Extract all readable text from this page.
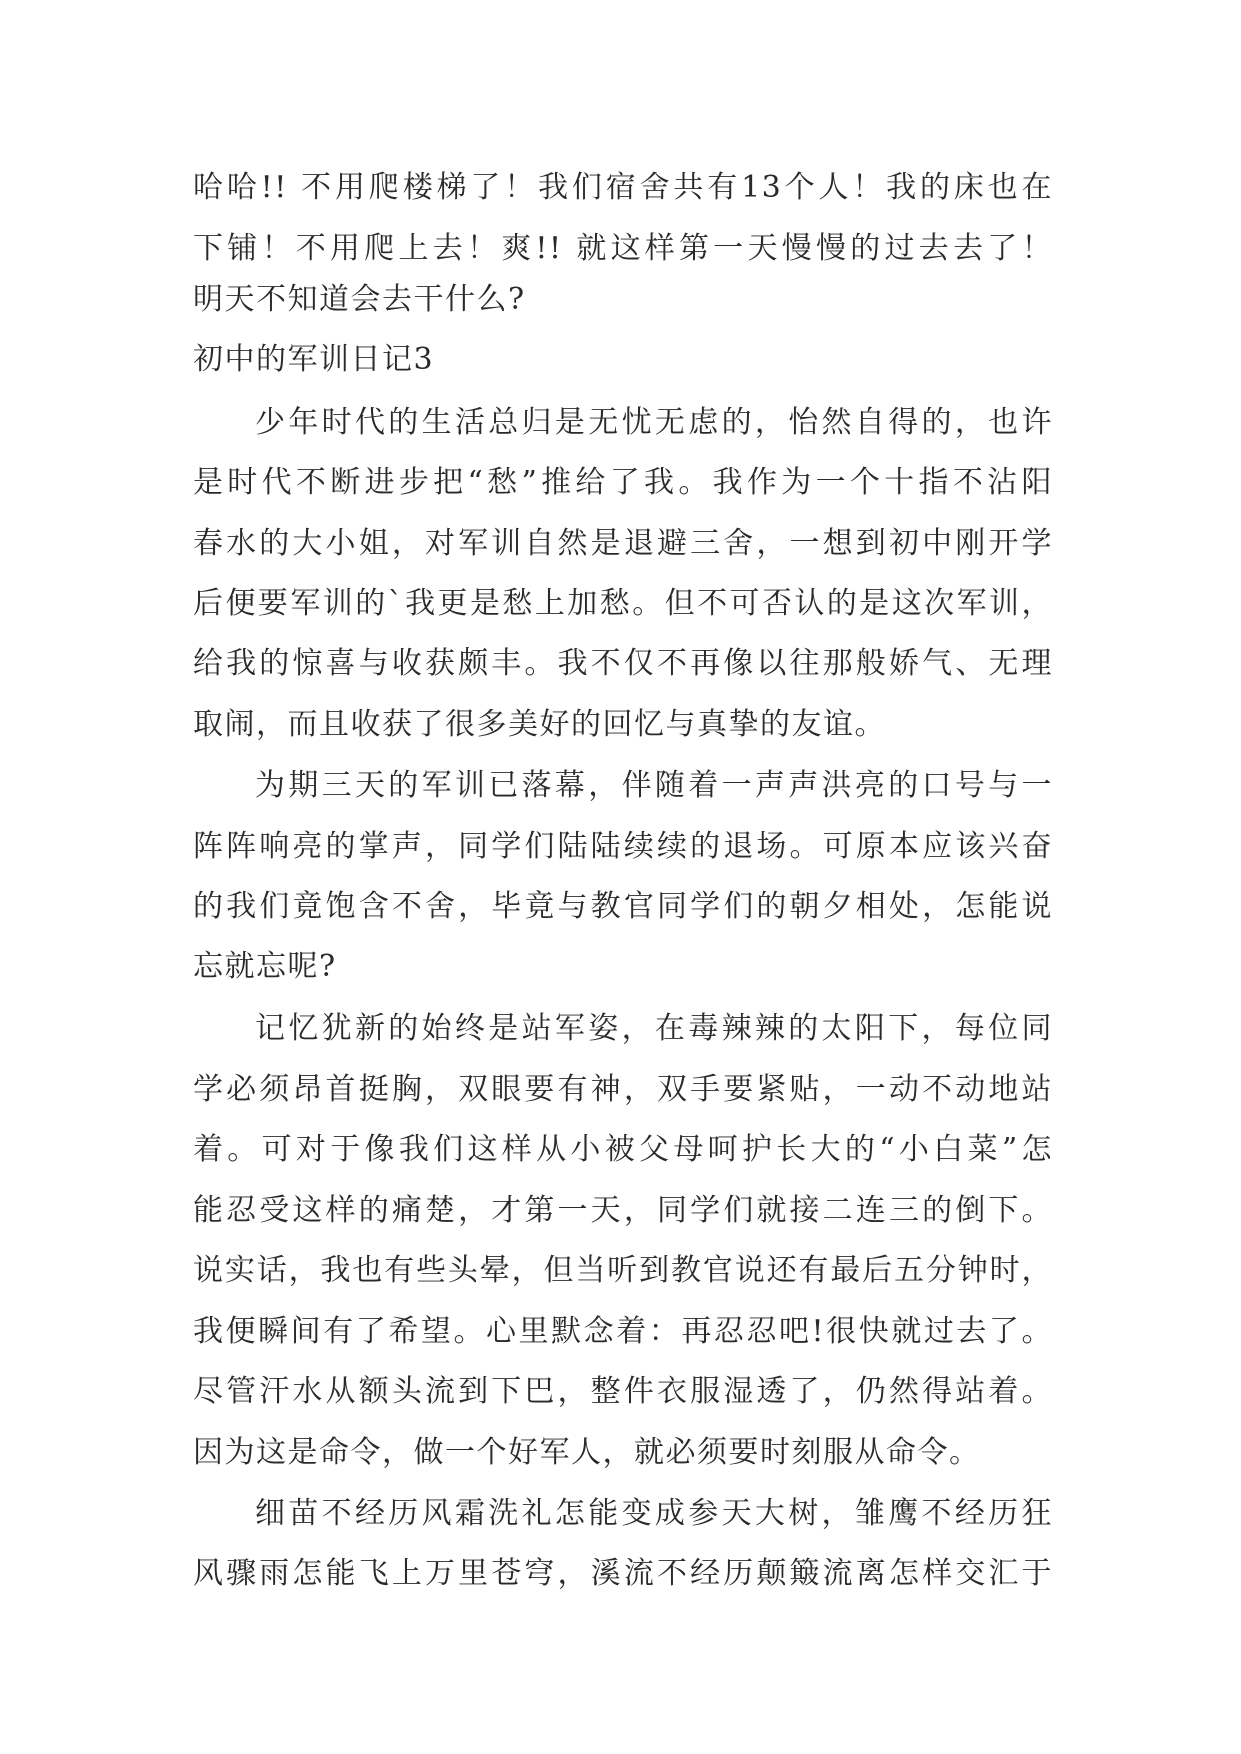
哈哈!! 不用爬楼梯了！我们宿舍共有13个人！我的床也在
下铺！不用爬上去！爽!! 就这样第一天慢慢的过去去了！
明天不知道会去干什么?
初中的军训日记3
少年时代的生活总归是无忧无虑的，怡然自得的，也许
是时代不断进步把“愁”推给了我。我作为一个十指不沾阳
春水的大小姐，对军训自然是退避三舍，一想到初中刚开学
后便要军训的`我更是愁上加愁。但不可否认的是这次军训，
给我的惊喜与收获颇丰。我不仅不再像以往那般娇气、无理
取闹，而且收获了很多美好的回忆与真挚的友谊。
为期三天的军训已落幕，伴随着一声声洪亮的口号与一
阵阵响亮的掌声，同学们陆陆续续的退场。可原本应该兴奋
的我们竟饱含不舍，毕竟与教官同学们的朝夕相处，怎能说
忘就忘呢?
记忆犹新的始终是站军姿，在毒辣辣的太阳下，每位同
学必须昂首挺胸，双眼要有神，双手要紧贴，一动不动地站
着。可对于像我们这样从小被父母呵护长大的“小白菜”怎
能忍受这样的痛楚，才第一天，同学们就接二连三的倒下。
说实话，我也有些头晕，但当听到教官说还有最后五分钟时，
我便瞬间有了希望。心里默念着：再忍忍吧!很快就过去了。
尽管汗水从额头流到下巴，整件衣服湿透了，仍然得站着。
因为这是命令，做一个好军人，就必须要时刻服从命令。
细苗不经历风霜洗礼怎能变成参天大树，雏鹰不经历狂
风骤雨怎能飞上万里苍穹，溪流不经历颠簸流离怎样交汇于
